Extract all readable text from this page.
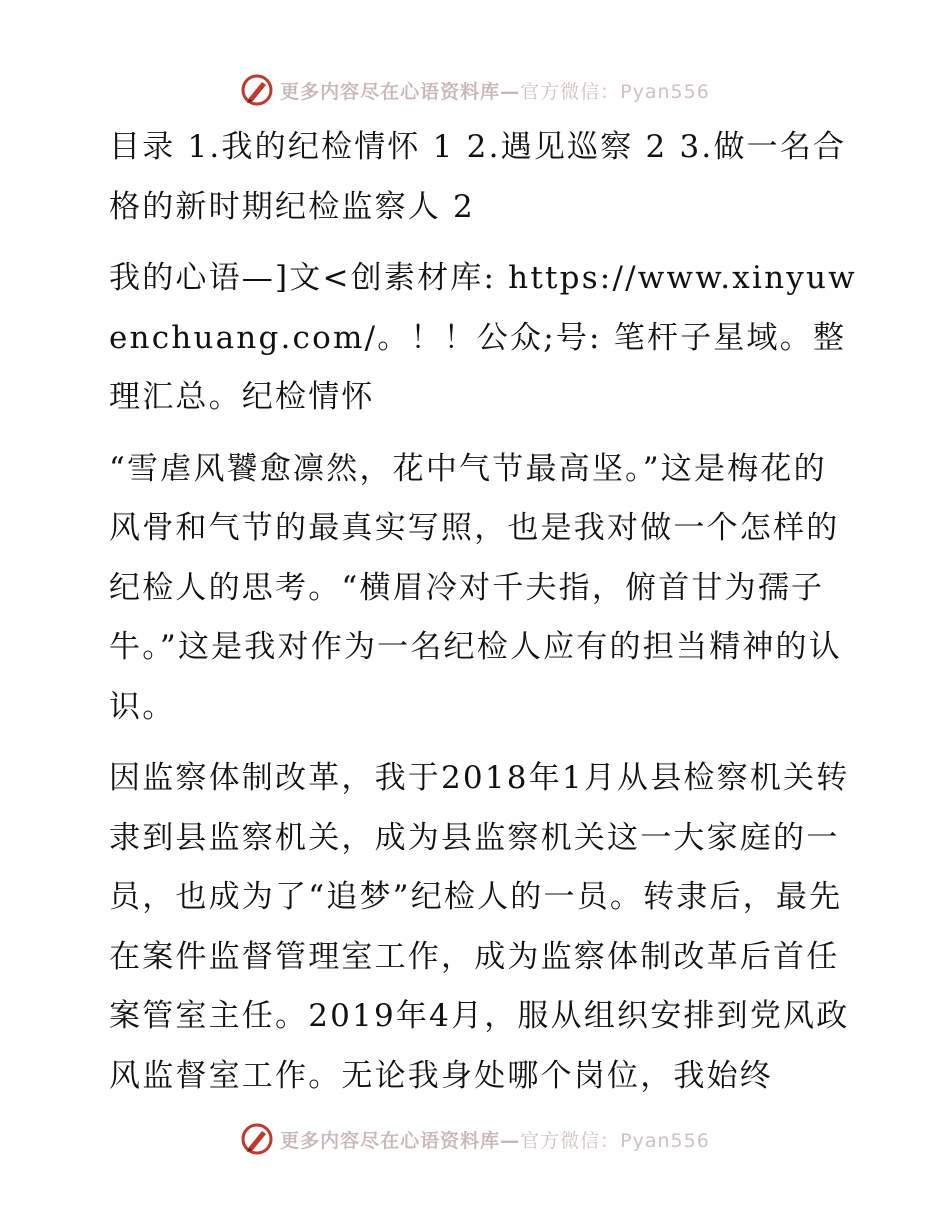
更多内容尽在心语资料库—官方微信：Pyan556

目录 1.我的纪检情怀 1 2.遇见巡察 2 3.做一名合格的新时期纪检监察人 2

我的心语—]文<创素材库: https://www.xinyuwenchuang.com/。！！公众;号: 笔杆子星域。整理汇总。纪检情怀

“雪虐风饕愈凛然，花中气节最高坚。”这是梅花的风骨和气节的最真实写照，也是我对做一个怎样的纪检人的思考。“横眉冷对千夫指，俯首甘为孺子牛。”这是我对作为一名纪检人应有的担当精神的认识。

因监察体制改革，我于2018年1月从县检察机关转隶到县监察机关，成为县监察机关这一大家庭的一员，也成为了“追梦”纪检人的一员。转隶后，最先在案件监督管理室工作，成为监察体制改革后首任案管室主任。2019年4月，服从组织安排到党风政风监督室工作。无论我身处哪个岗位，我始终

更多内容尽在心语资料库—官方微信：Pyan556
